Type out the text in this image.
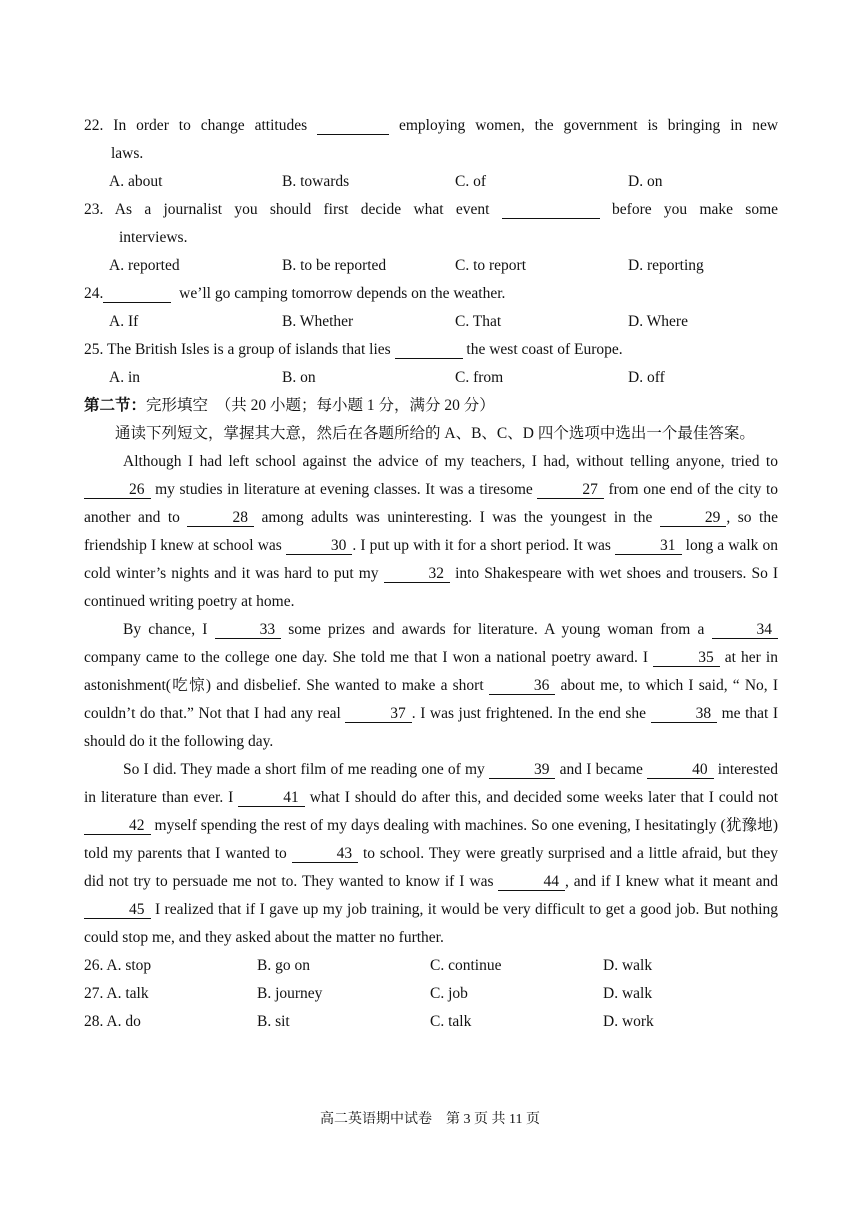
22. In order to change attitudes	employing women, the government is bringing in new
laws.
A. about	B. towards	C. of	D. on
23. As a journalist you should first decide what event	before you make some
interviews.
A. reported	B. to be reported	C. to report	D. reporting
24.	we’ll go camping tomorrow depends on the weather.
A. If	B. Whether	C. That	D. Where
25. The British Isles is a group of islands that lies	the west coast of Europe.
A. in	B. on	C. from	D. off
第二节：完形填空　（共 20 小题；每小题 1 分，满分 20 分）
通读下列短文，掌握其大意，然后在各题所给的 A、B、C、D 四个选项中选出一个最佳答案。
Although I had left school against the advice of my teachers, I had, without telling anyone, tried to 26 my studies in literature at evening classes. It was a tiresome	27 from one end of the city to another and to	28 among adults was uninteresting. I was the youngest in the	29 , so the friendship I knew at school was	30 . I put up with it for a short period. It was	31 long a walk on cold winter’s nights and it was hard to put my	32 into Shakespeare with wet shoes and trousers. So I continued writing poetry at home.
By chance, I	33 some prizes and awards for literature. A young woman from a	34 company came to the college one day. She told me that I won a national poetry award. I	35 at her in astonishment(吃惊) and disbelief. She wanted to make a short	36 about me, to which I said, “ No, I couldn’t do that.” Not that I had any real	37 . I was just frightened. In the end she	38 me that I should do it the following day.
So I did. They made a short film of me reading one of my	39 and I became	40 interested in literature than ever. I	41 what I should do after this, and decided some weeks later that I could not 42 myself spending the rest of my days dealing with machines. So one evening, I hesitatingly (犹豫地) told my parents that I wanted to	43 to school. They were greatly surprised and a little afraid, but they did not try to persuade me not to. They wanted to know if I was	44 , and if I knew what it meant and 45 I realized that if I gave up my job training, it would be very difficult to get a good job. But nothing could stop me, and they asked about the matter no further.
26. A. stop	B. go on	C. continue	D. walk
27. A. talk	B. journey	C. job	D. walk
28. A. do	B. sit	C. talk	D. work
高二英语期中试卷　第 3 页 共 11 页
